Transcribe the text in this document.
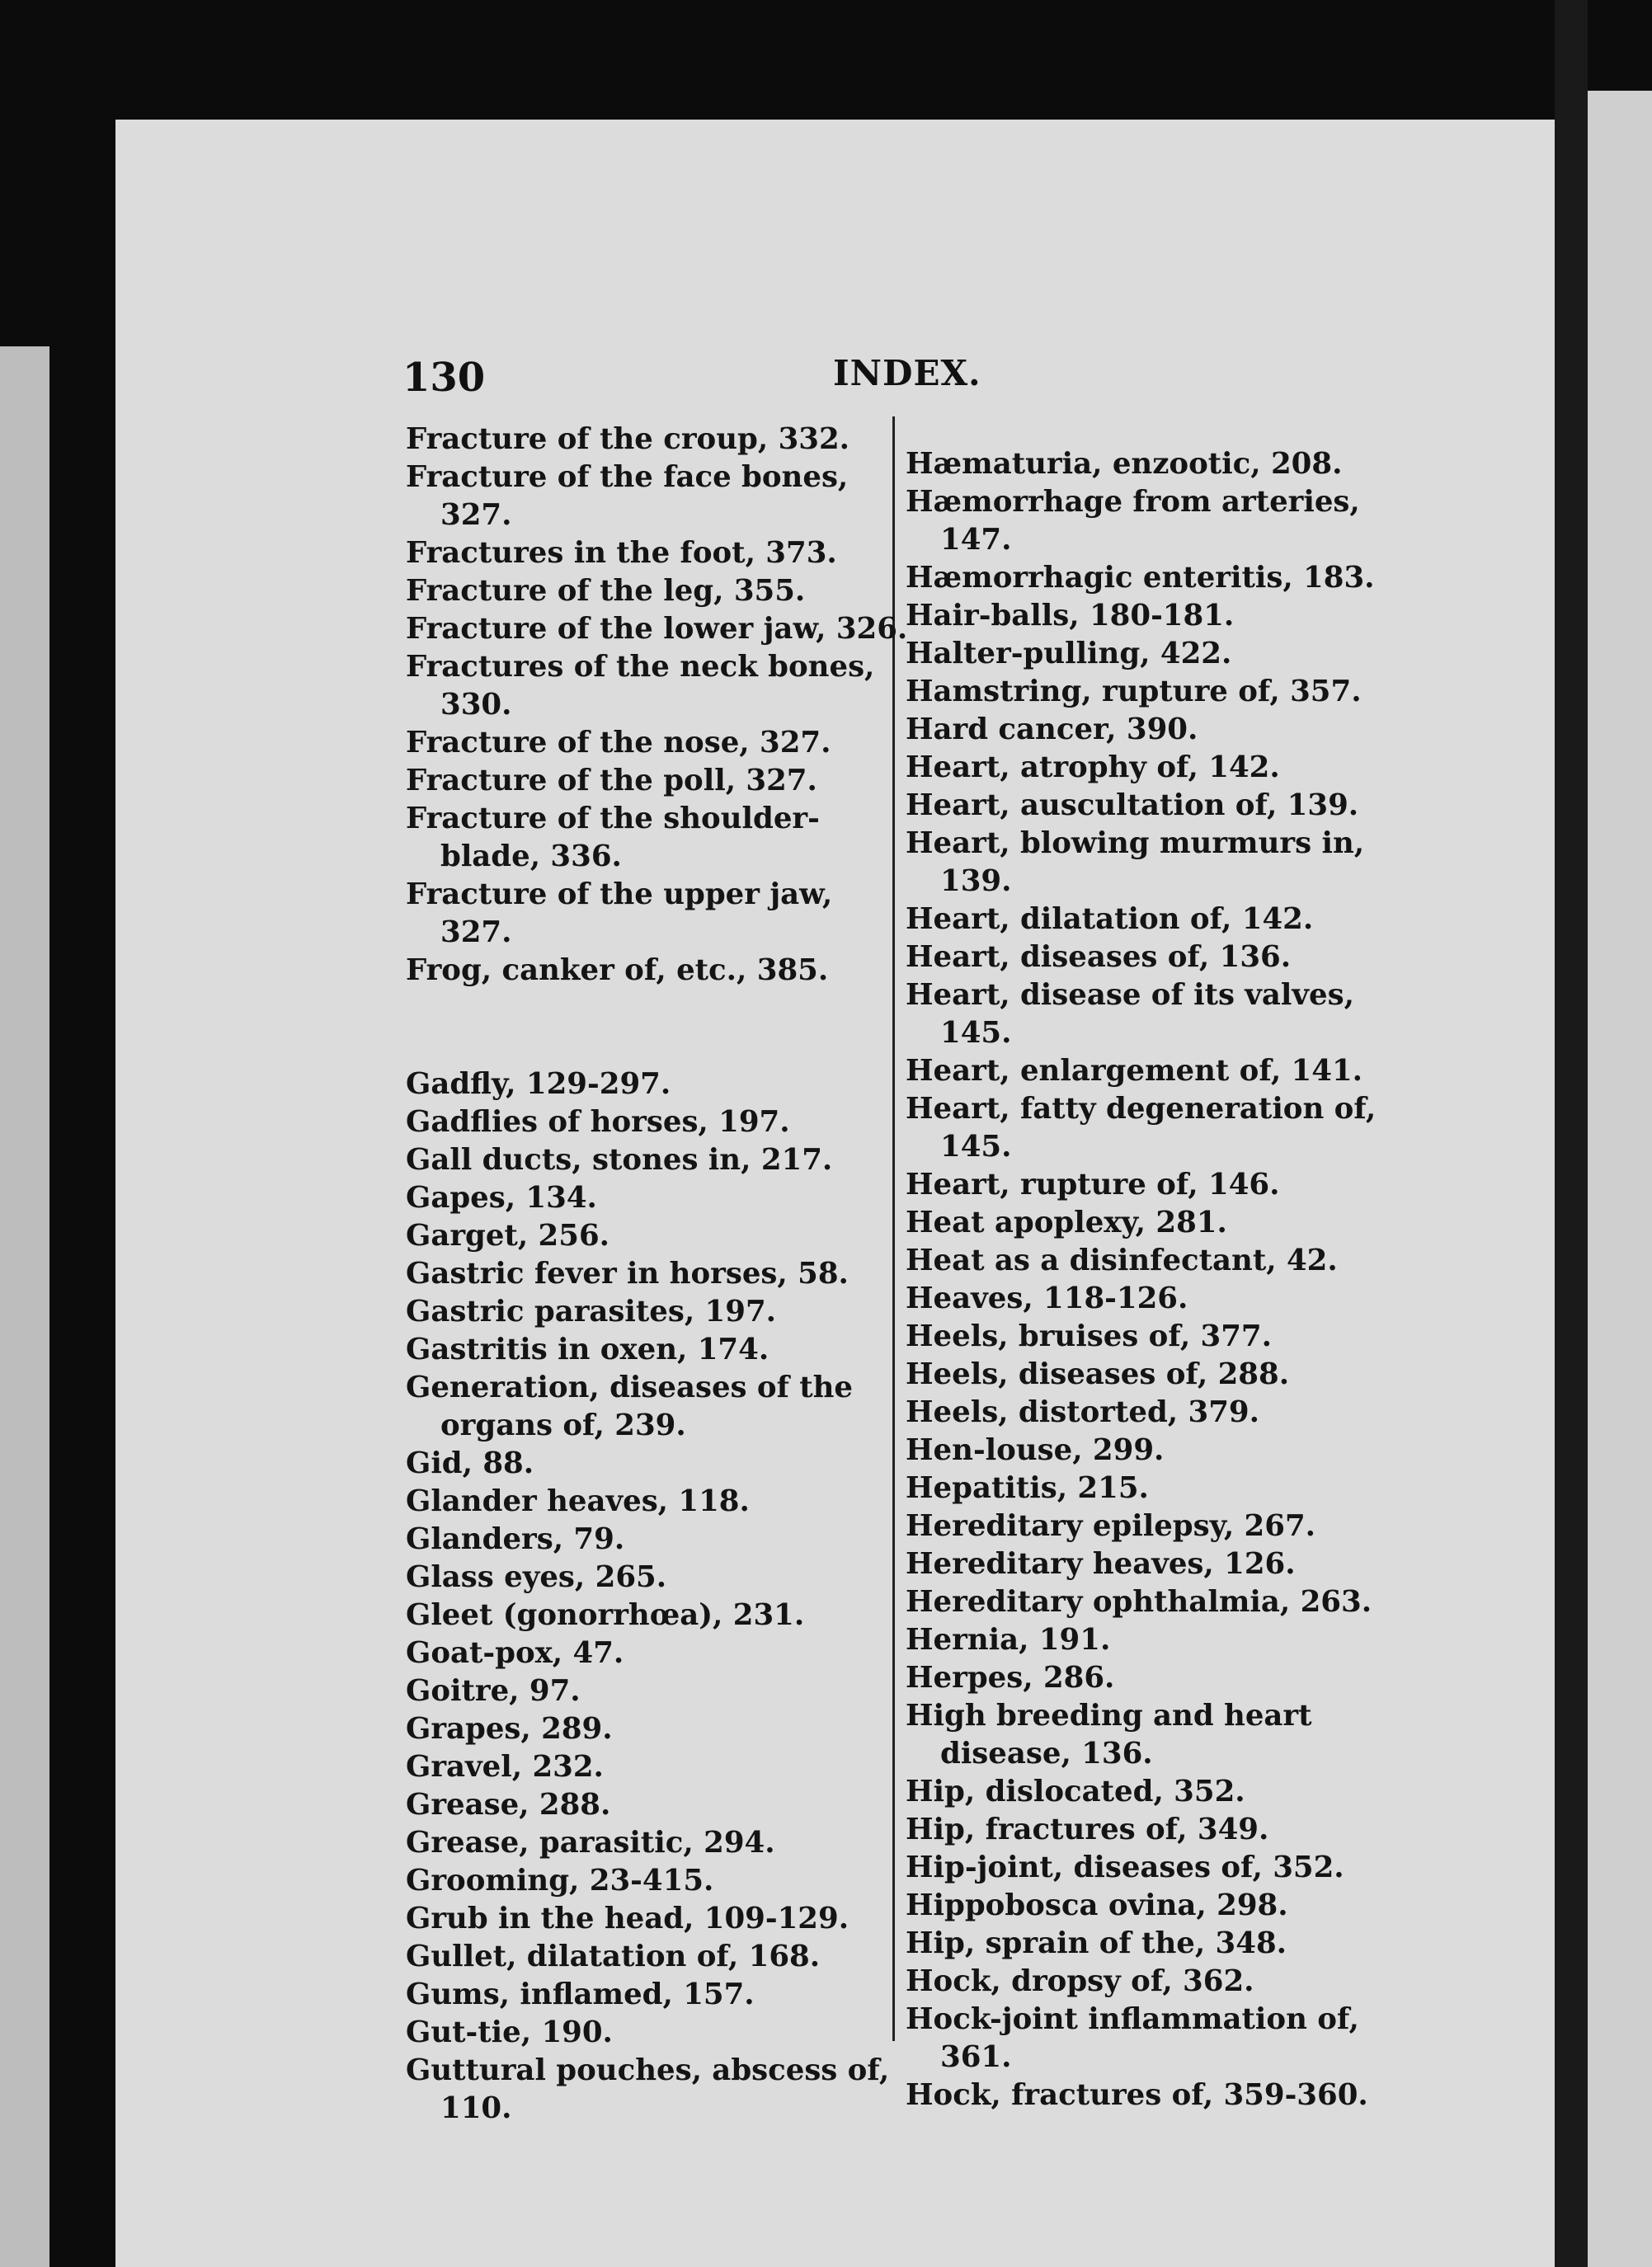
130	INDEX.

Fracture of the croup, 332.

Fracture of the face bones, 327.

Fractures in the foot, 373.

Fracture of the leg, 355.

Fracture of the lower jaw, 326.

Fractures of the neck bones, 330.

Fracture of the nose, 327.

Fracture of the poll, 327.

Fracture of the shoulder-blade, 336.

Fracture of the upper jaw, 327.

Frog, canker of, etc., 385.

Gadfly, 129-297.

Gadflies of horses, 197.

Gall ducts, stones in, 217.

Gapes, 134.

Garget, 256.

Gastric fever in horses, 58.

Gastric parasites, 197.

Gastritis in oxen, 174.

Generation, diseases of the organs of, 239.

Gid, 88.

Glander heaves, 118.

Glanders, 79.

Glass eyes, 265.

Gleet (gonorrhœa), 231.

Goat-pox, 47.

Goitre, 97.

Grapes, 289.

Gravel, 232.

Grease, 288.

Grease, parasitic, 294.

Grooming, 23-415.

Grub in the head, 109-129.

Gullet, dilatation of, 168.

Gums, inflamed, 157.

Gut-tie, 190.

Guttural pouches, abscess of, 110.

Hæmaturia, enzootic, 208.

Hæmorrhage from arteries, 147.

Hæmorrhagic enteritis, 183.

Hair-balls, 180-181.

Halter-pulling, 422.

Hamstring, rupture of, 357.

Hard cancer, 390.

Heart, atrophy of, 142.

Heart, auscultation of, 139.

Heart, blowing murmurs in, 139.

Heart, dilatation of, 142.

Heart, diseases of, 136.

Heart, disease of its valves, 145.

Heart, enlargement of, 141.

Heart, fatty degeneration of, 145.

Heart, rupture of, 146.

Heat apoplexy, 281.

Heat as a disinfectant, 42.

Heaves, 118-126.

Heels, bruises of, 377.

Heels, diseases of, 288.

Heels, distorted, 379.

Hen-louse, 299.

Hepatitis, 215.

Hereditary epilepsy, 267.

Hereditary heaves, 126.

Hereditary ophthalmia, 263.

Hernia, 191.

Herpes, 286.

High breeding and heart disease, 136.

Hip, dislocated, 352.

Hip, fractures of, 349.

Hip-joint, diseases of, 352.

Hippobosca ovina, 298.

Hip, sprain of the, 348.

Hock, dropsy of, 362.

Hock-joint inflammation of, 361.

Hock, fractures of, 359-360.
